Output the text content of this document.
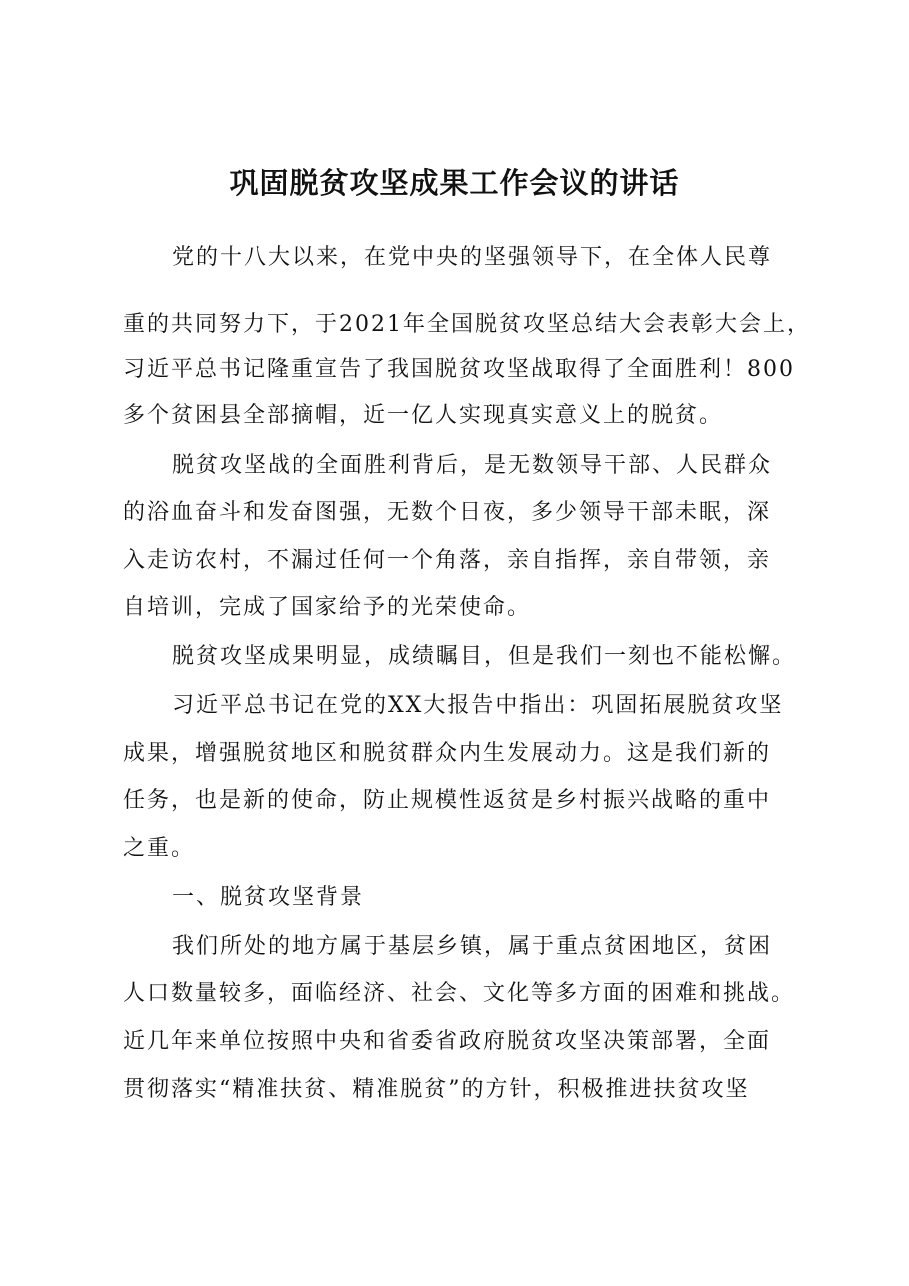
巩固脱贫攻坚成果工作会议的讲话
党的十八大以来，在党中央的坚强领导下，在全体人民尊
重的共同努力下，于2021年全国脱贫攻坚总结大会表彰大会上，
习近平总书记隆重宣告了我国脱贫攻坚战取得了全面胜利！800
多个贫困县全部摘帽，近一亿人实现真实意义上的脱贫。
脱贫攻坚战的全面胜利背后，是无数领导干部、人民群众
的浴血奋斗和发奋图强，无数个日夜，多少领导干部未眠，深
入走访农村，不漏过任何一个角落，亲自指挥，亲自带领，亲
自培训，完成了国家给予的光荣使命。
脱贫攻坚成果明显，成绩瞩目，但是我们一刻也不能松懈。
习近平总书记在党的XX大报告中指出：巩固拓展脱贫攻坚
成果，增强脱贫地区和脱贫群众内生发展动力。这是我们新的
任务，也是新的使命，防止规模性返贫是乡村振兴战略的重中
之重。
一、脱贫攻坚背景
我们所处的地方属于基层乡镇，属于重点贫困地区，贫困
人口数量较多，面临经济、社会、文化等多方面的困难和挑战。
近几年来单位按照中央和省委省政府脱贫攻坚决策部署，全面
贯彻落实“精准扶贫、精准脱贫”的方针，积极推进扶贫攻坚
